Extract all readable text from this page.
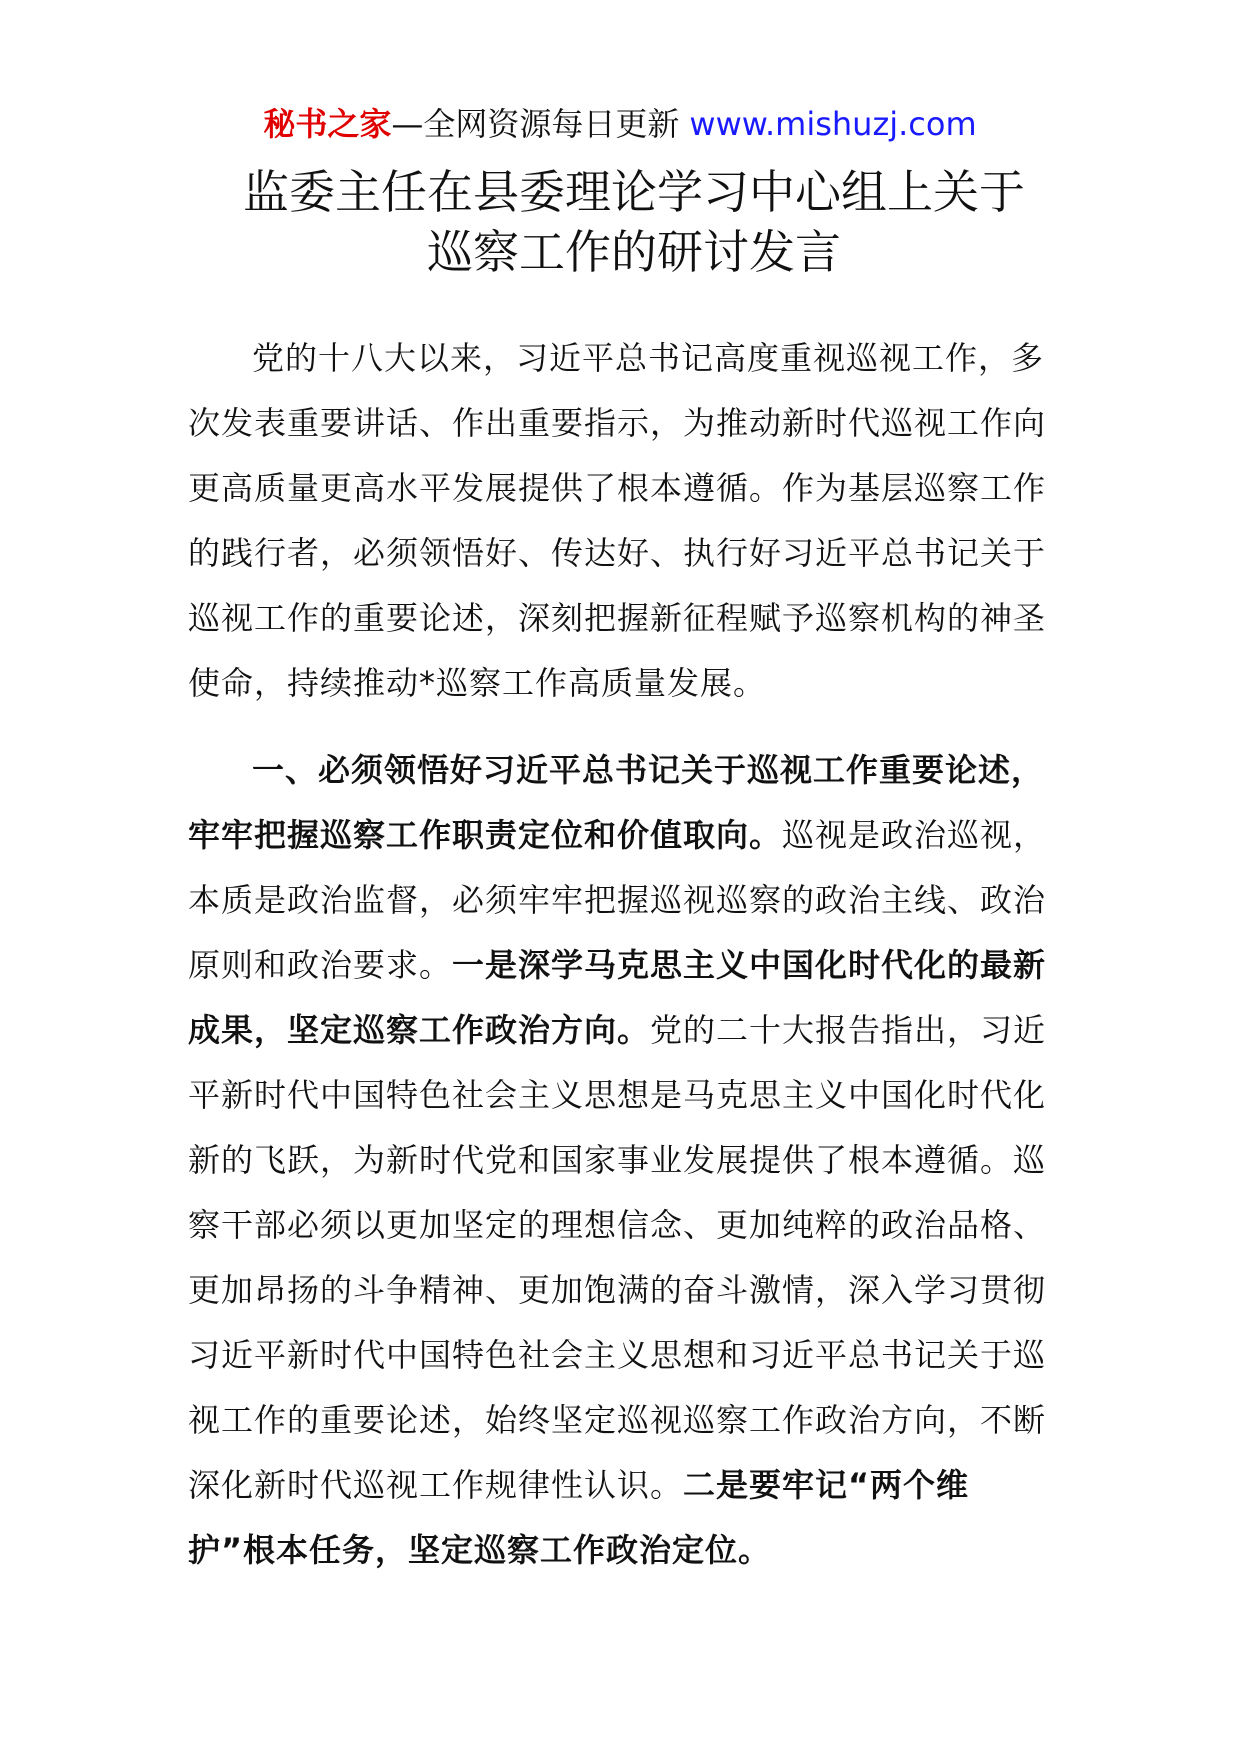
秘书之家—全网资源每日更新 www.mishuzj.com
监委主任在县委理论学习中心组上关于
巡察工作的研讨发言

党的十八大以来，习近平总书记高度重视巡视工作，多次发表重要讲话、作出重要指示，为推动新时代巡视工作向更高质量更高水平发展提供了根本遵循。作为基层巡察工作的践行者，必须领悟好、传达好、执行好习近平总书记关于巡视工作的重要论述，深刻把握新征程赋予巡察机构的神圣使命，持续推动*巡察工作高质量发展。

一、必须领悟好习近平总书记关于巡视工作重要论述，牢牢把握巡察工作职责定位和价值取向。巡视是政治巡视，本质是政治监督，必须牢牢把握巡视巡察的政治主线、政治原则和政治要求。一是深学马克思主义中国化时代化的最新成果，坚定巡察工作政治方向。党的二十大报告指出，习近平新时代中国特色社会主义思想是马克思主义中国化时代化新的飞跃，为新时代党和国家事业发展提供了根本遵循。巡察干部必须以更加坚定的理想信念、更加纯粹的政治品格、更加昂扬的斗争精神、更加饱满的奋斗激情，深入学习贯彻习近平新时代中国特色社会主义思想和习近平总书记关于巡视工作的重要论述，始终坚定巡视巡察工作政治方向，不断深化新时代巡视工作规律性认识。二是要牢记“两个维护”根本任务，坚定巡察工作政治定位。
